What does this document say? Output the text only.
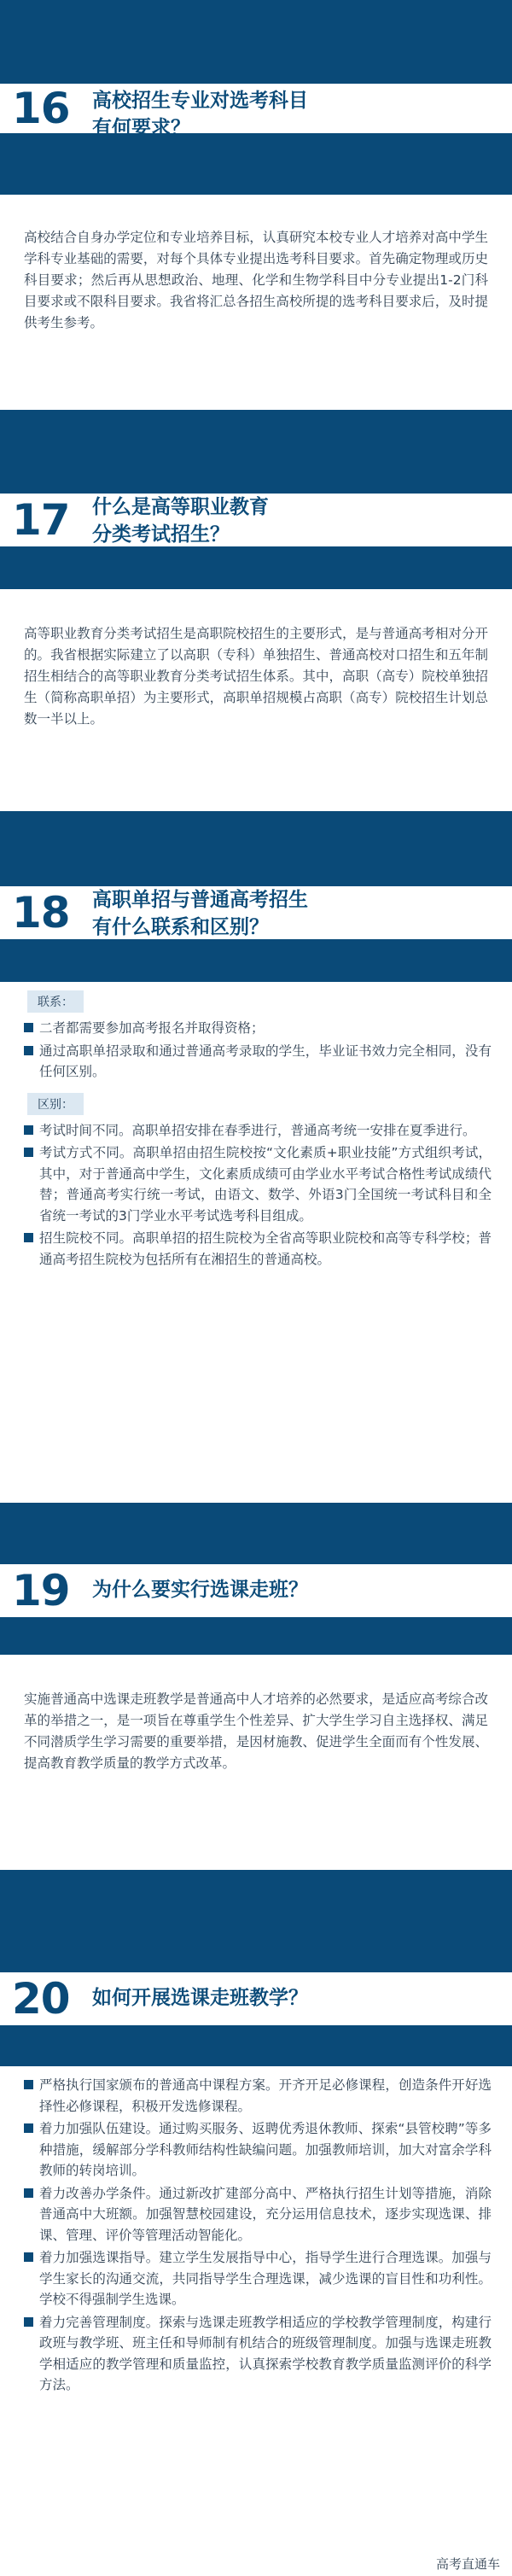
16 高校招生专业对选考科目
有何要求？

高校结合自身办学定位和专业培养目标，认真研究本校专业人才培养对高中学生学科专业基础的需要，对每个具体专业提出选考科目要求。首先确定物理或历史科目要求；然后再从思想政治、地理、化学和生物学科目中分专业提出1-2门科目要求或不限科目要求。我省将汇总各招生高校所提的选考科目要求后，及时提供考生参考。

17 什么是高等职业教育
分类考试招生？

高等职业教育分类考试招生是高职院校招生的主要形式，是与普通高考相对分开的。我省根据实际建立了以高职（专科）单独招生、普通高校对口招生和五年制招生相结合的高等职业教育分类考试招生体系。其中，高职（高专）院校单独招生（简称高职单招）为主要形式，高职单招规模占高职（高专）院校招生计划总数一半以上。

18 高职单招与普通高考招生
有什么联系和区别？
联系：
二者都需要参加高考报名并取得资格；
通过高职单招录取和通过普通高考录取的学生，毕业证书效力完全相同，没有任何区别。
区别：
考试时间不同。高职单招安排在春季进行，普通高考统一安排在夏季进行。
考试方式不同。高职单招由招生院校按“文化素质+职业技能”方式组织考试，其中，对于普通高中学生，文化素质成绩可由学业水平考试合格性考试成绩代替；普通高考实行统一考试，由语文、数学、外语3门全国统一考试科目和全省统一考试的3门学业水平考试选考科目组成。
招生院校不同。高职单招的招生院校为全省高等职业院校和高等专科学校；普通高考招生院校为包括所有在湘招生的普通高校。
19 为什么要实行选课走班？

实施普通高中选课走班教学是普通高中人才培养的必然要求，是适应高考综合改革的举措之一，是一项旨在尊重学生个性差异、扩大学生学习自主选择权、满足不同潜质学生学习需要的重要举措，是因材施教、促进学生全面而有个性发展、提高教育教学质量的教学方式改革。

20 如何开展选课走班教学？
严格执行国家颁布的普通高中课程方案。开齐开足必修课程，创造条件开好选择性必修课程，积极开发选修课程。
着力加强队伍建设。通过购买服务、返聘优秀退休教师、探索“县管校聘”等多种措施，缓解部分学科教师结构性缺编问题。加强教师培训，加大对富余学科教师的转岗培训。
着力改善办学条件。通过新改扩建部分高中、严格执行招生计划等措施，消除普通高中大班额。加强智慧校园建设，充分运用信息技术，逐步实现选课、排课、管理、评价等管理活动智能化。
着力加强选课指导。建立学生发展指导中心，指导学生进行合理选课。加强与学生家长的沟通交流，共同指导学生合理选课，减少选课的盲目性和功利性。学校不得强制学生选课。
着力完善管理制度。探索与选课走班教学相适应的学校教学管理制度，构建行政班与教学班、班主任和导师制有机结合的班级管理制度。加强与选课走班教学相适应的教学管理和质量监控，认真探索学校教育教学质量监测评价的科学方法。
高考直通车
